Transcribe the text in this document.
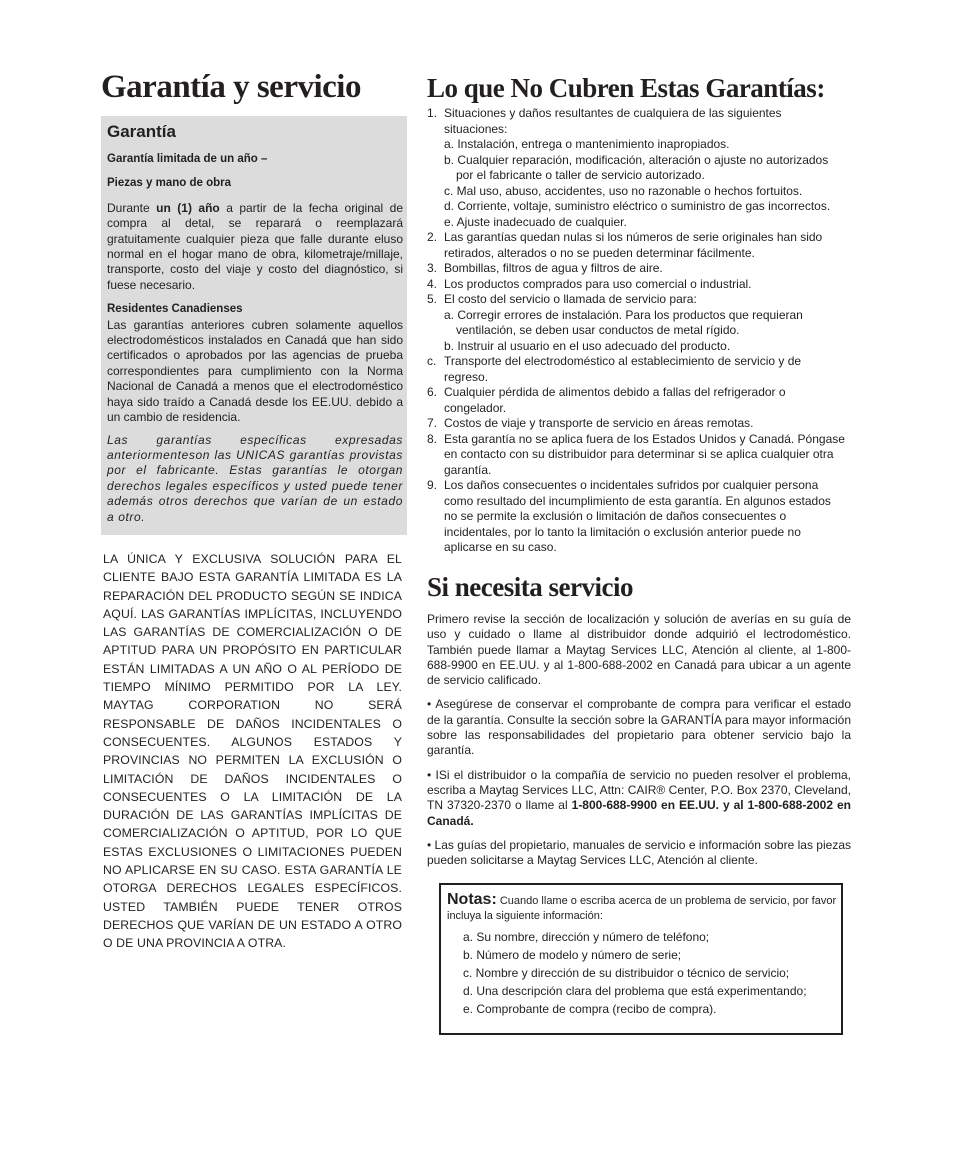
Garantía y servicio
Garantía
Garantía limitada de un año –
Piezas y mano de obra

Durante un (1) año a partir de la fecha original de compra al detal, se reparará o reemplazará gratuitamente cualquier pieza que falle durante eluso normal en el hogar mano de obra, kilometraje/millaje, transporte, costo del viaje y costo del diagnóstico, si fuese necesario.

Residentes Canadienses

Las garantías anteriores cubren solamente aquellos electrodomésticos instalados en Canadá que han sido certificados o aprobados por las agencias de prueba correspondientes para cumplimiento con la Norma Nacional de Canadá a menos que el electrodoméstico haya sido traído a Canadá desde los EE.UU. debido a un cambio de residencia.

Las garantías específicas expresadas anteriormenteson las UNICAS garantías provistas por el fabricante. Estas garantías le otorgan derechos legales específicos y usted puede tener además otros derechos que varían de un estado a otro.

LA ÚNICA Y EXCLUSIVA SOLUCIÓN PARA EL CLIENTE BAJO ESTA GARANTÍA LIMITADA ES LA REPARACIÓN DEL PRODUCTO SEGÚN SE INDICA AQUÍ. LAS GARANTÍAS IMPLÍCITAS, INCLUYENDO LAS GARANTÍAS DE COMERCIALIZACIÓN O DE APTITUD PARA UN PROPÓSITO EN PARTICULAR ESTÁN LIMITADAS A UN AÑO O AL PERÍODO DE TIEMPO MÍNIMO PERMITIDO POR LA LEY. MAYTAG CORPORATION NO SERÁ RESPONSABLE DE DAÑOS INCIDENTALES O CONSECUENTES. ALGUNOS ESTADOS Y PROVINCIAS NO PERMITEN LA EXCLUSIÓN O LIMITACIÓN DE DAÑOS INCIDENTALES O CONSECUENTES O LA LIMITACIÓN DE LA DURACIÓN DE LAS GARANTÍAS IMPLÍCITAS DE COMERCIALIZACIÓN O APTITUD, POR LO QUE ESTAS EXCLUSIONES O LIMITACIONES PUEDEN NO APLICARSE EN SU CASO. ESTA GARANTÍA LE OTORGA DERECHOS LEGALES ESPECÍFICOS. USTED TAMBIÉN PUEDE TENER OTROS DERECHOS QUE VARÍAN DE UN ESTADO A OTRO O DE UNA PROVINCIA A OTRA.
Lo que No Cubren Estas Garantías:
1. Situaciones y daños resultantes de cualquiera de las siguientes situaciones:
a. Instalación, entrega o mantenimiento inapropiados.
b. Cualquier reparación, modificación, alteración o ajuste no autorizados por el fabricante o taller de servicio autorizado.
c. Mal uso, abuso, accidentes, uso no razonable o hechos fortuitos.
d. Corriente, voltaje, suministro eléctrico o suministro de gas incorrectos.
e. Ajuste inadecuado de cualquier.
2. Las garantías quedan nulas si los números de serie originales han sido retirados, alterados o no se pueden determinar fácilmente.
3. Bombillas, filtros de agua y filtros de aire.
4. Los productos comprados para uso comercial o industrial.
5. El costo del servicio o llamada de servicio para:
a. Corregir errores de instalación. Para los productos que requieran ventilación, se deben usar conductos de metal rígido.
b. Instruir al usuario en el uso adecuado del producto.
c. Transporte del electrodoméstico al establecimiento de servicio y de regreso.
6. Cualquier pérdida de alimentos debido a fallas del refrigerador o congelador.
7. Costos de viaje y transporte de servicio en áreas remotas.
8. Esta garantía no se aplica fuera de los Estados Unidos y Canadá. Póngase en contacto con su distribuidor para determinar si se aplica cualquier otra garantía.
9. Los daños consecuentes o incidentales sufridos por cualquier persona como resultado del incumplimiento de esta garantía. En algunos estados no se permite la exclusión o limitación de daños consecuentes o incidentales, por lo tanto la limitación o exclusión anterior puede no aplicarse en su caso.
Si necesita servicio

Primero revise la sección de localización y solución de averías en su guía de uso y cuidado o llame al distribuidor donde adquirió el lectrodoméstico. También puede llamar a Maytag Services LLC, Atención al cliente, al 1-800-688-9900 en EE.UU. y al 1-800-688-2002 en Canadá para ubicar a un agente de servicio calificado.

• Asegúrese de conservar el comprobante de compra para verificar el estado de la garantía. Consulte la sección sobre la GARANTÍA para mayor información sobre las responsabilidades del propietario para obtener servicio bajo la garantía.

• ISi el distribuidor o la compañía de servicio no pueden resolver el problema, escriba a Maytag Services LLC, Attn: CAIR® Center, P.O. Box 2370, Cleveland, TN 37320-2370 o llame al 1-800-688-9900 en EE.UU. y al 1-800-688-2002 en Canadá.

• Las guías del propietario, manuales de servicio e información sobre las piezas pueden solicitarse a Maytag Services LLC, Atención al cliente.

Notas: Cuando llame o escriba acerca de un problema de servicio, por favor incluya la siguiente información:
a. Su nombre, dirección y número de teléfono;
b. Número de modelo y número de serie;
c. Nombre y dirección de su distribuidor o técnico de servicio;
d. Una descripción clara del problema que está experimentando;
e. Comprobante de compra (recibo de compra).
